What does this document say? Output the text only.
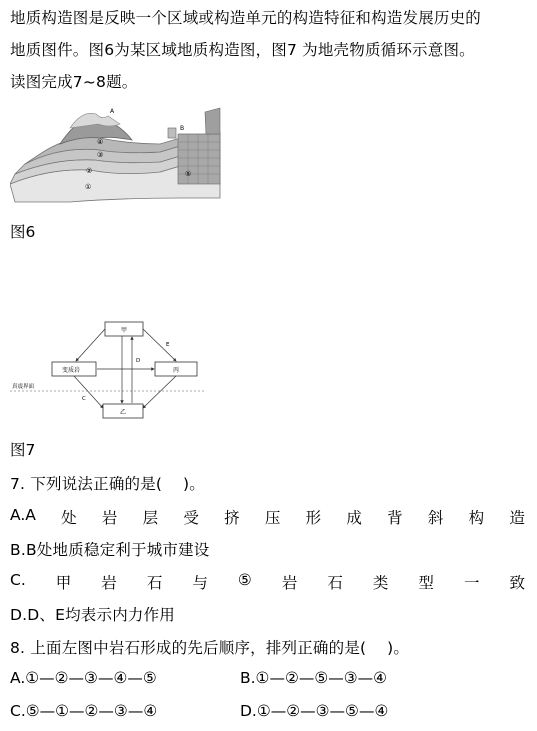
地质构造图是反映一个区域或构造单元的构造特征和构造发展历史的
地质图件。图6为某区域地质构造图，图7 为地壳物质循环示意图。
读图完成7~8题。
A
B
④
③
②
①
⑤
图6
甲
变质岩	丙
乙
D
E
C
真震界面
图7
7. 下列说法正确的是(　 )。
A.A 处 岩 层 受 挤 压 形 成 背 斜 构 造
B.B处地质稳定利于城市建设
C. 甲 岩 石 与 ⑤ 岩 石 类 型 一 致
D.D、E均表示内力作用
8. 上面左图中岩石形成的先后顺序，排列正确的是(　 )。
A.①—②—③—④—⑤	B.①—②—⑤—③—④
C.⑤—①—②—③—④	D.①—②—③—⑤—④
